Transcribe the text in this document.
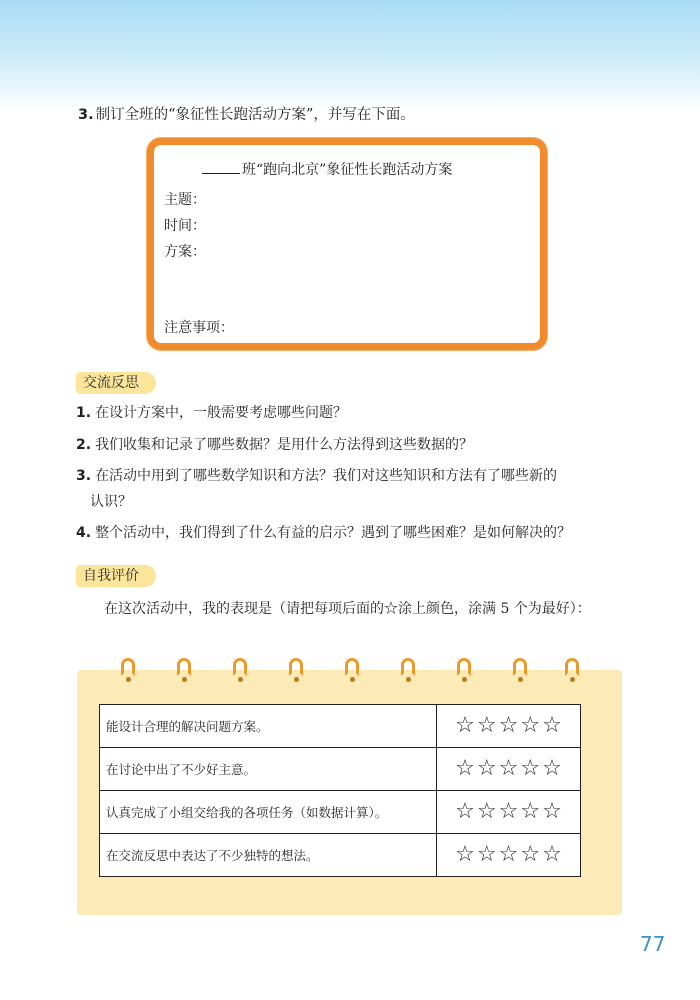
3. 制订全班的“象征性长跑活动方案”，并写在下面。
班“跑向北京”象征性长跑活动方案
主题：
时间：
方案：
注意事项：
交流反思
1. 在设计方案中，一般需要考虑哪些问题？
2. 我们收集和记录了哪些数据？是用什么方法得到这些数据的？
3. 在活动中用到了哪些数学知识和方法？我们对这些知识和方法有了哪些新的
认识？
4. 整个活动中，我们得到了什么有益的启示？遇到了哪些困难？是如何解决的？
自我评价
在这次活动中，我的表现是（请把每项后面的☆涂上颜色，涂满 5 个为最好）：
能设计合理的解决问题方案。	☆☆☆☆☆
在讨论中出了不少好主意。	☆☆☆☆☆
认真完成了小组交给我的各项任务（如数据计算）。	☆☆☆☆☆
在交流反思中表达了不少独特的想法。	☆☆☆☆☆
77
